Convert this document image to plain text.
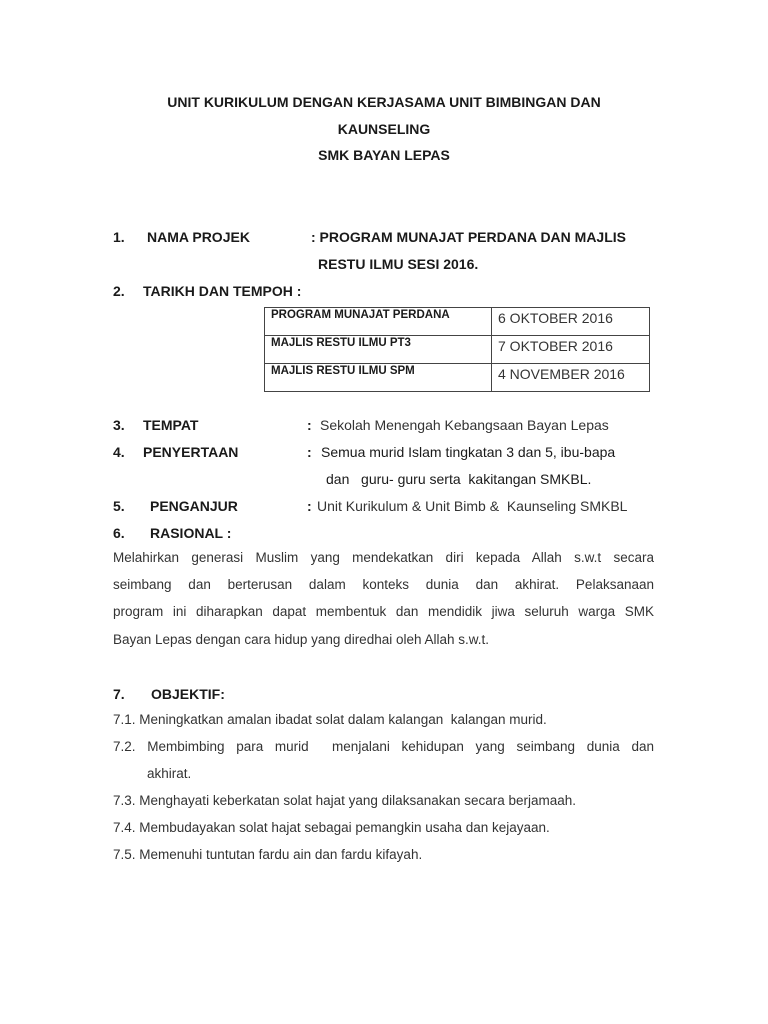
UNIT KURIKULUM DENGAN KERJASAMA UNIT BIMBINGAN DAN
KAUNSELING
SMK BAYAN LEPAS
1. NAMA PROJEK	: PROGRAM MUNAJAT PERDANA DAN MAJLIS
RESTU ILMU SESI 2016.
2. TARIKH DAN TEMPOH :
PROGRAM MUNAJAT PERDANA	6 OKTOBER 2016
MAJLIS RESTU ILMU PT3	7 OKTOBER 2016
MAJLIS RESTU ILMU SPM	4 NOVEMBER 2016
3. TEMPAT	: Sekolah Menengah Kebangsaan Bayan Lepas
4. PENYERTAAN	: Semua murid Islam tingkatan 3 dan 5, ibu-bapa
dan   guru- guru serta  kakitangan SMKBL.
5. PENGANJUR	: Unit Kurikulum & Unit Bimb &  Kaunseling SMKBL
6. RASIONAL :
Melahirkan generasi Muslim yang mendekatkan diri kepada Allah s.w.t secara
seimbang dan berterusan dalam konteks dunia dan akhirat. Pelaksanaan
program ini diharapkan dapat membentuk dan mendidik jiwa seluruh warga SMK
Bayan Lepas dengan cara hidup yang diredhai oleh Allah s.w.t.
7. OBJEKTIF:
7.1. Meningkatkan amalan ibadat solat dalam kalangan  kalangan murid.
7.2. Membimbing para murid  menjalani kehidupan yang seimbang dunia dan
akhirat.
7.3. Menghayati keberkatan solat hajat yang dilaksanakan secara berjamaah.
7.4. Membudayakan solat hajat sebagai pemangkin usaha dan kejayaan.
7.5. Memenuhi tuntutan fardu ain dan fardu kifayah.
